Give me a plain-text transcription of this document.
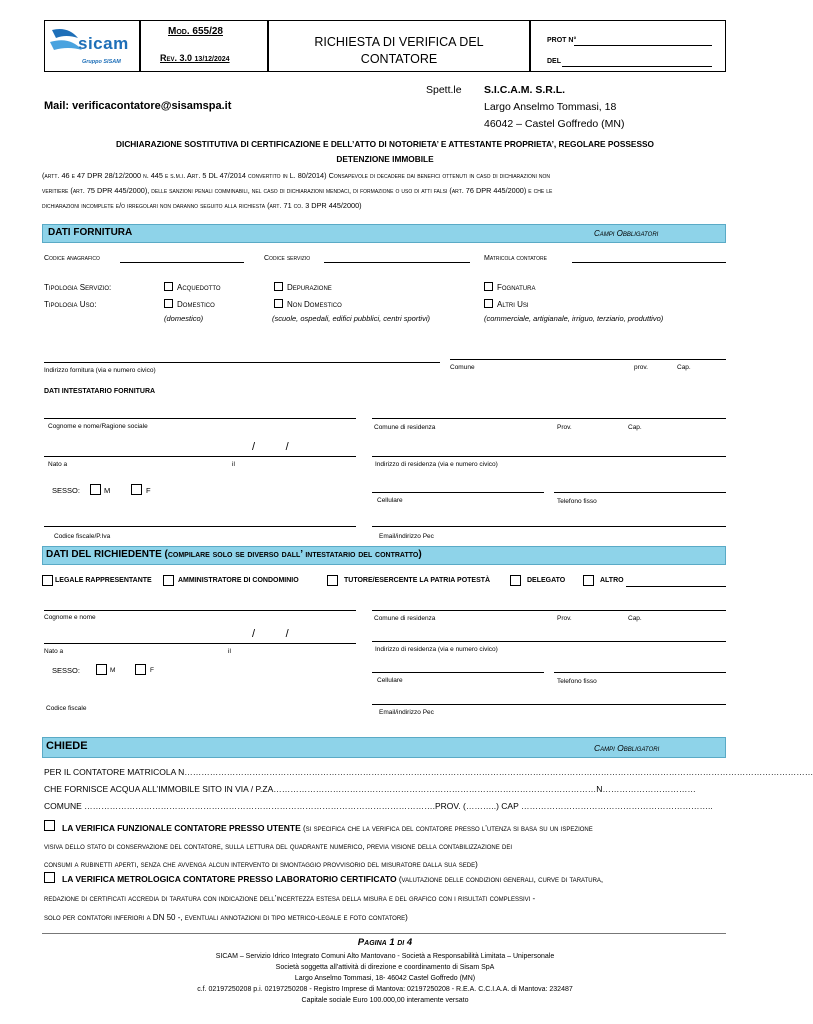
sicam
Gruppo SISAM
Mod. 655/28
Rev. 3.0 13/12/2024
RICHIESTA DI VERIFICA DEL
CONTATORE
PROT N°
DEL
Spett.le S.I.C.A.M. S.R.L.
Largo Anselmo Tommasi, 18
46042 – Castel Goffredo (MN)
Mail: verificacontatore@sisamspa.it
DICHIARAZIONE SOSTITUTIVA DI CERTIFICAZIONE E DELL’ATTO DI NOTORIETA’ E ATTESTANTE PROPRIETA’, REGOLARE POSSESSO
DETENZIONE IMMOBILE
(artt. 46 e 47 DPR 28/12/2000 n. 445 e s.m.i. Art. 5 DL 47/2014 convertito in L. 80/2014) Consapevole di decadere dai benefici ottenuti in caso di dichiarazioni non
veritiere (art. 75 DPR 445/2000), delle sanzioni penali comminabili, nel caso di dichiarazioni mendaci, di formazione o uso di atti falsi (art. 76 DPR 445/2000) e che le
dichiarazioni incomplete e/o irregolari non daranno seguito alla richiesta (art. 71 co. 3 DPR 445/2000)
DATI FORNITURA	Campi Obbligatori
Codice anagrafico	Codice servizio	Matricola contatore
Tipologia Servizio:	Acquedotto	Depurazione	Fognatura
Tipologia Uso:	Domestico	Non Domestico	Altri Usi
(domestico)	(scuole, ospedali, edifici pubblici, centri sportivi)	(commerciale, artigianale, irriguo, terziario, produttivo)
Indirizzo fornitura (via e numero civico)	Comune	prov.	Cap.
DATI INTESTATARIO FORNITURA
Cognome e nome/Ragione sociale	Comune di residenza	Prov.	Cap.
/          /
Nato a	il	Indirizzo di residenza (via e numero civico)
SESSO:	M	F
Cellulare	Telefono fisso
Codice fiscale/P.Iva	Email/indirizzo Pec
DATI DEL RICHIEDENTE (compilare solo se diverso dall’ intestatario del contratto)
LEGALE RAPPRESENTANTE	AMMINISTRATORE DI CONDOMINIO	TUTORE/ESERCENTE LA PATRIA POTESTÀ	DELEGATO	ALTRO
Cognome e nome	Comune di residenza	Prov.	Cap.
/          /
Nato a	il	Indirizzo di residenza (via e numero civico)
SESSO:	M	F
Cellulare	Telefono fisso
Codice fiscale
Email/indirizzo Pec
CHIEDE	Campi Obbligatori
PER IL CONTATORE MATRICOLA N……………………………………………………………………………………………………………………………………………………………………………………………………
CHE FORNISCE ACQUA ALL’IMMOBILE SITO IN VIA / P.ZA……………………………………………………………………………………………………N……………………………
COMUNE …………………………………………………………………………………………………………….PROV. (………..) CAP …………………………………………………………..
LA VERIFICA FUNZIONALE CONTATORE PRESSO UTENTE (si specifica che la verifica del contatore presso l’utenza si basa su un ispezione
visiva dello stato di conservazione del contatore, sulla lettura del quadrante numerico, previa visione della contabilizzazione dei
consumi a rubinetti aperti, senza che avvenga alcun intervento di smontaggio provvisorio del misuratore dalla sua sede)
LA VERIFICA METROLOGICA CONTATORE PRESSO LABORATORIO CERTIFICATO (valutazione delle condizioni generali, curve di taratura,
redazione di certificati accredia di taratura con indicazione dell’incertezza estesa della misura e del grafico con i risultati complessivi -
solo per contatori inferiori a DN 50 -, eventuali annotazioni di tipo metrico-legale e foto contatore)
Pagina 1 di 4
SICAM – Servizio Idrico Integrato Comuni Alto Mantovano - Società a Responsabilità Limitata – Unipersonale
Società soggetta all’attività di direzione e coordinamento di Sisam SpA
Largo Anselmo Tommasi, 18- 46042 Castel Goffredo (MN)
c.f. 02197250208 p.i. 02197250208 - Registro Imprese di Mantova: 02197250208 - R.E.A. C.C.I.A.A. di Mantova: 232487
Capitale sociale Euro 100.000,00 interamente versato
